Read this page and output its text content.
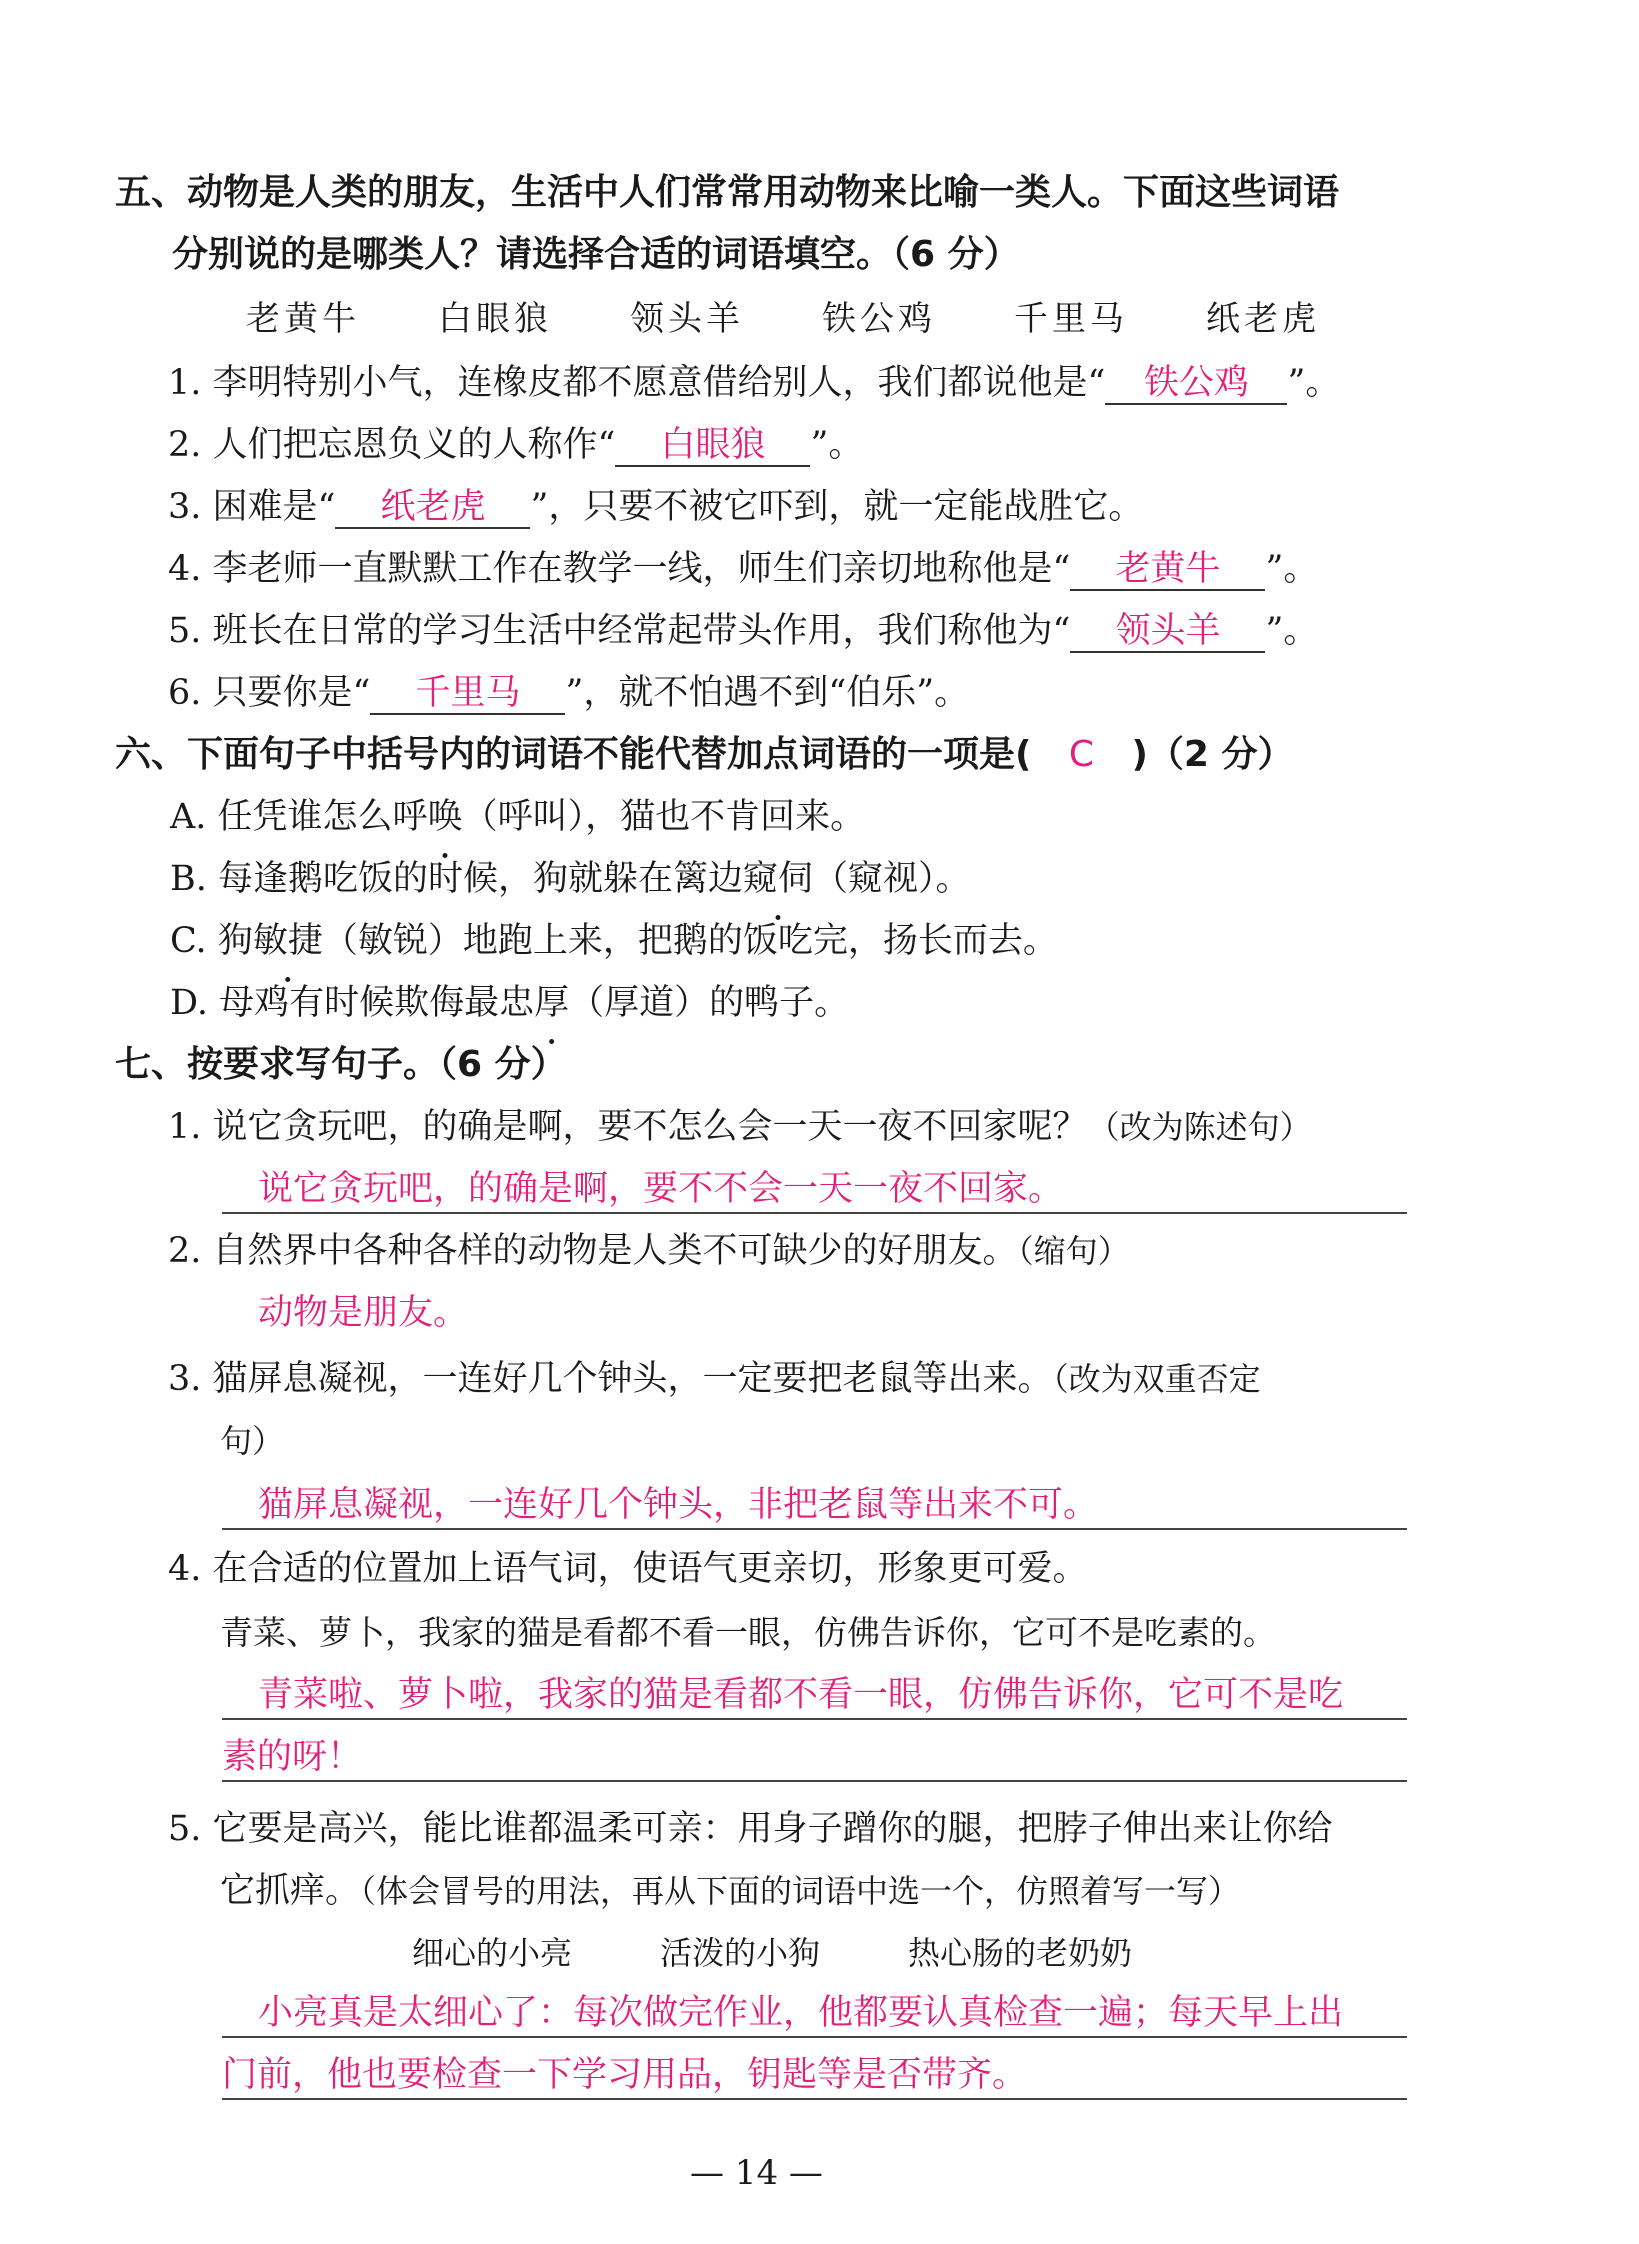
五、动物是人类的朋友，生活中人们常常用动物来比喻一类人。下面这些词语
分别说的是哪类人？请选择合适的词语填空。（6 分）
老黄牛 白眼狼 领头羊 铁公鸡 千里马 纸老虎
1. 李明特别小气，连橡皮都不愿意借给别人，我们都说他是“ 铁公鸡 ”。
2. 人们把忘恩负义的人称作“ 白眼狼 ”。
3. 困难是“ 纸老虎 ”，只要不被它吓到，就一定能战胜它。
4. 李老师一直默默工作在教学一线，师生们亲切地称他是“ 老黄牛 ”。
5. 班长在日常的学习生活中经常起带头作用，我们称他为“ 领头羊 ”。
6. 只要你是“ 千里马 ”，就不怕遇不到“伯乐”。
六、下面句子中括号内的词语不能代替加点词语的一项是( C )（2 分）
A. 任凭谁怎么呼唤（呼叫），猫也不肯回来。
B. 每逢鹅吃饭的时候，狗就躲在篱边窥伺（窥视）。
C. 狗敏捷（敏锐）地跑上来，把鹅的饭吃完，扬长而去。
D. 母鸡有时候欺侮最忠厚（厚道）的鸭子。
七、按要求写句子。（6 分）
1. 说它贪玩吧，的确是啊，要不怎么会一天一夜不回家呢？（改为陈述句）
说它贪玩吧，的确是啊，要不不会一天一夜不回家。
2. 自然界中各种各样的动物是人类不可缺少的好朋友。（缩句）
动物是朋友。
3. 猫屏息凝视，一连好几个钟头，一定要把老鼠等出来。（改为双重否定
句）
猫屏息凝视，一连好几个钟头，非把老鼠等出来不可。
4. 在合适的位置加上语气词，使语气更亲切，形象更可爱。
青菜、萝卜，我家的猫是看都不看一眼，仿佛告诉你，它可不是吃素的。
青菜啦、萝卜啦，我家的猫是看都不看一眼，仿佛告诉你，它可不是吃
素的呀！
5. 它要是高兴，能比谁都温柔可亲：用身子蹭你的腿，把脖子伸出来让你给
它抓痒。（体会冒号的用法，再从下面的词语中选一个，仿照着写一写）
细心的小亮	活泼的小狗	热心肠的老奶奶
小亮真是太细心了：每次做完作业，他都要认真检查一遍；每天早上出
门前，他也要检查一下学习用品，钥匙等是否带齐。
— 14 —
